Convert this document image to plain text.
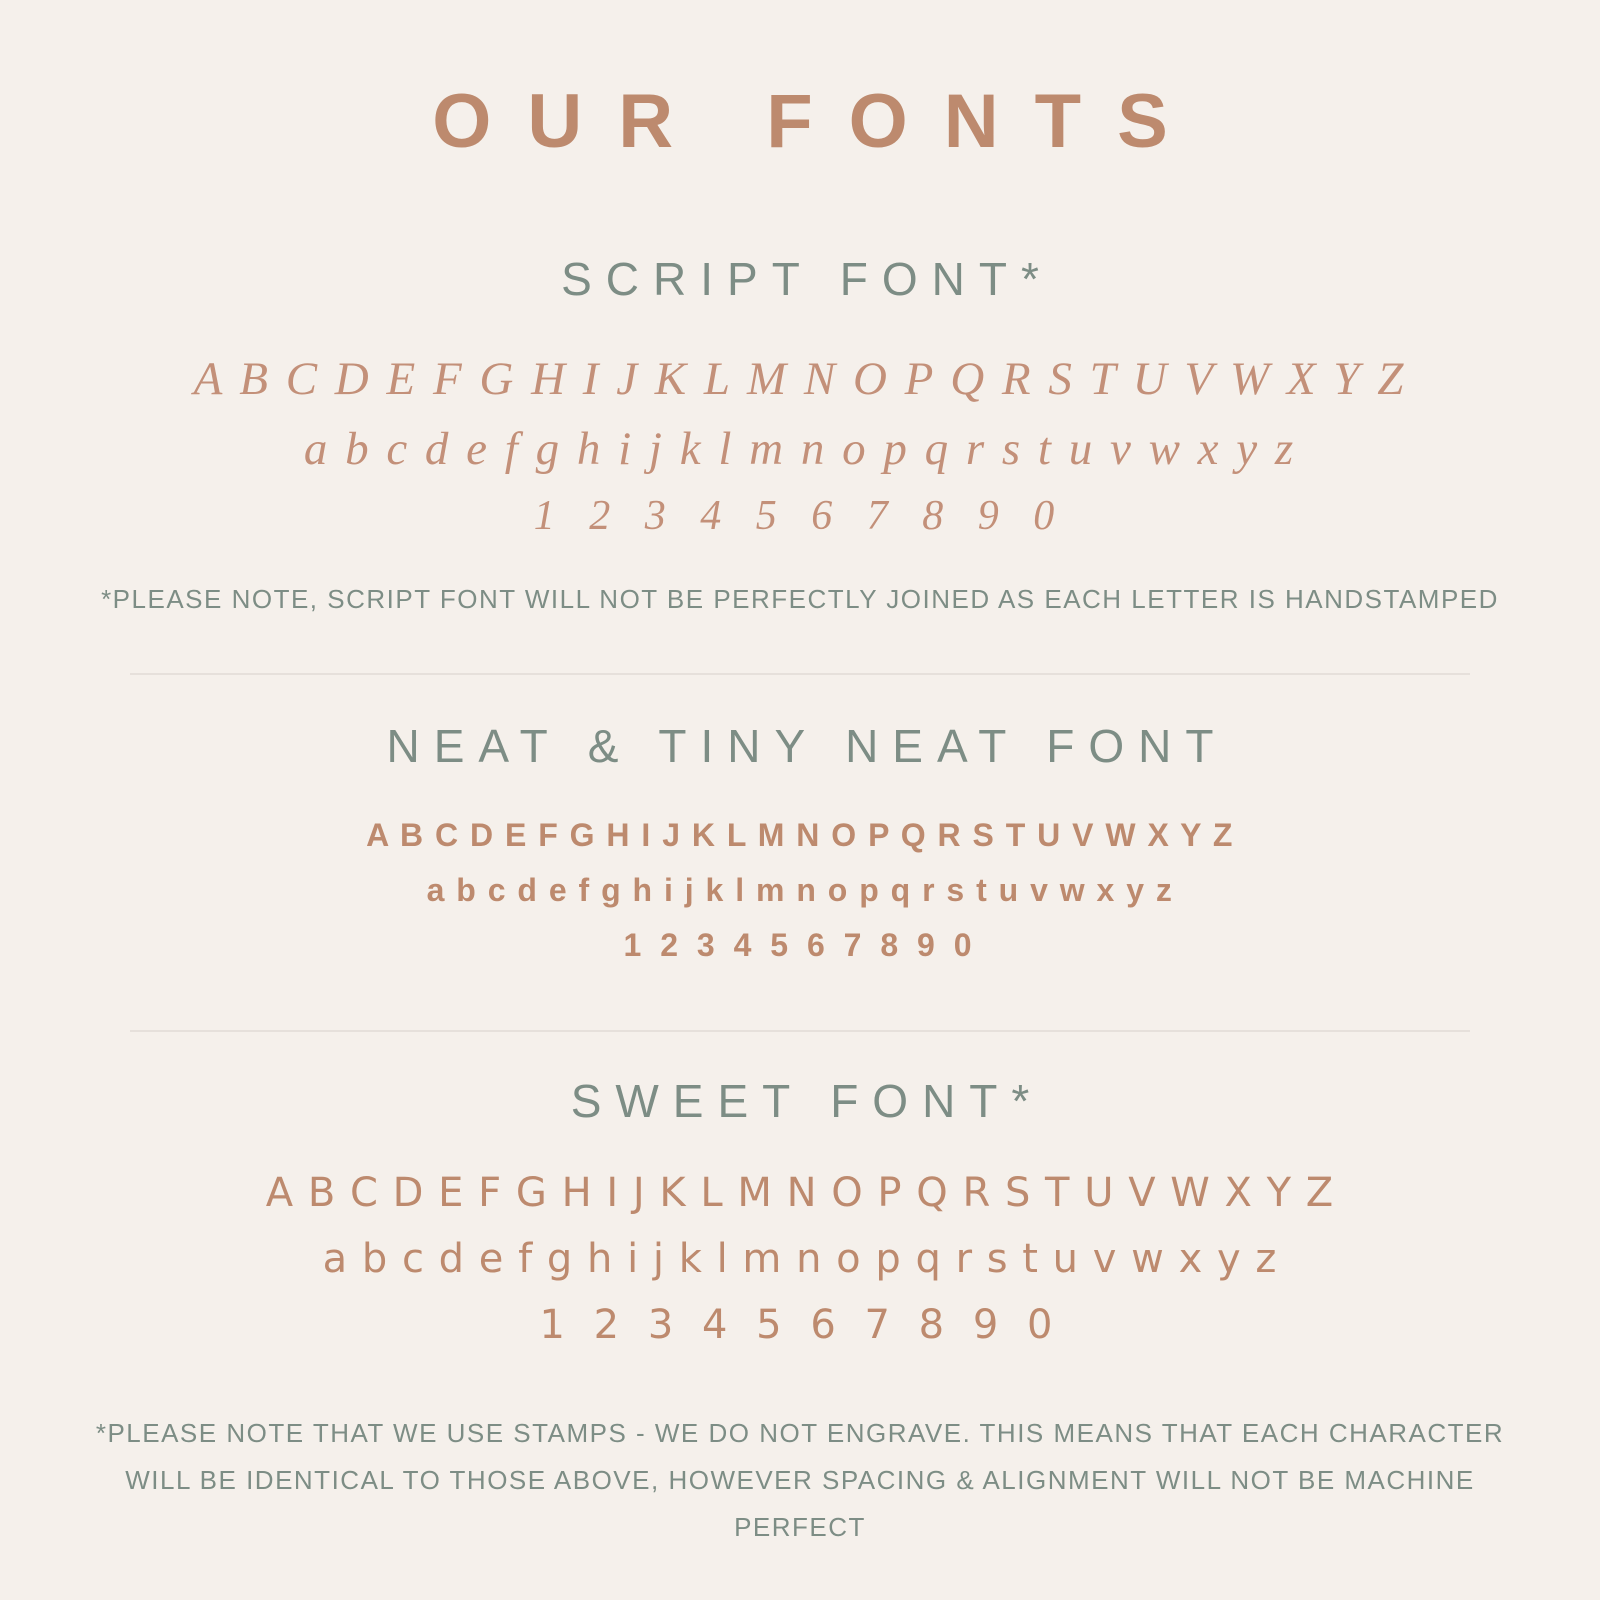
OUR FONTS
SCRIPT FONT*
A B C D E F G H I J K L M N O P Q R S T U V W X Y Z
a b c d e f g h i j k l m n o p q r s t u v w x y z
1 2 3 4 5 6 7 8 9 0

*PLEASE NOTE, SCRIPT FONT WILL NOT BE PERFECTLY JOINED AS EACH LETTER IS HANDSTAMPED

NEAT & TINY NEAT FONT
A B C D E F G H I J K L M N O P Q R S T U V W X Y Z
a b c d e f g h i j k l m n o p q r s t u v w x y z
1 2 3 4 5 6 7 8 9 0
SWEET FONT*
A B C D E F G H I J K L M N O P Q R S T U V W X Y Z
a b c d e f g h i j k l m n o p q r s t u v w x y z
1 2 3 4 5 6 7 8 9 0

*PLEASE NOTE THAT WE USE STAMPS - WE DO NOT ENGRAVE. THIS MEANS THAT EACH CHARACTER WILL BE IDENTICAL TO THOSE ABOVE, HOWEVER SPACING & ALIGNMENT WILL NOT BE MACHINE PERFECT
